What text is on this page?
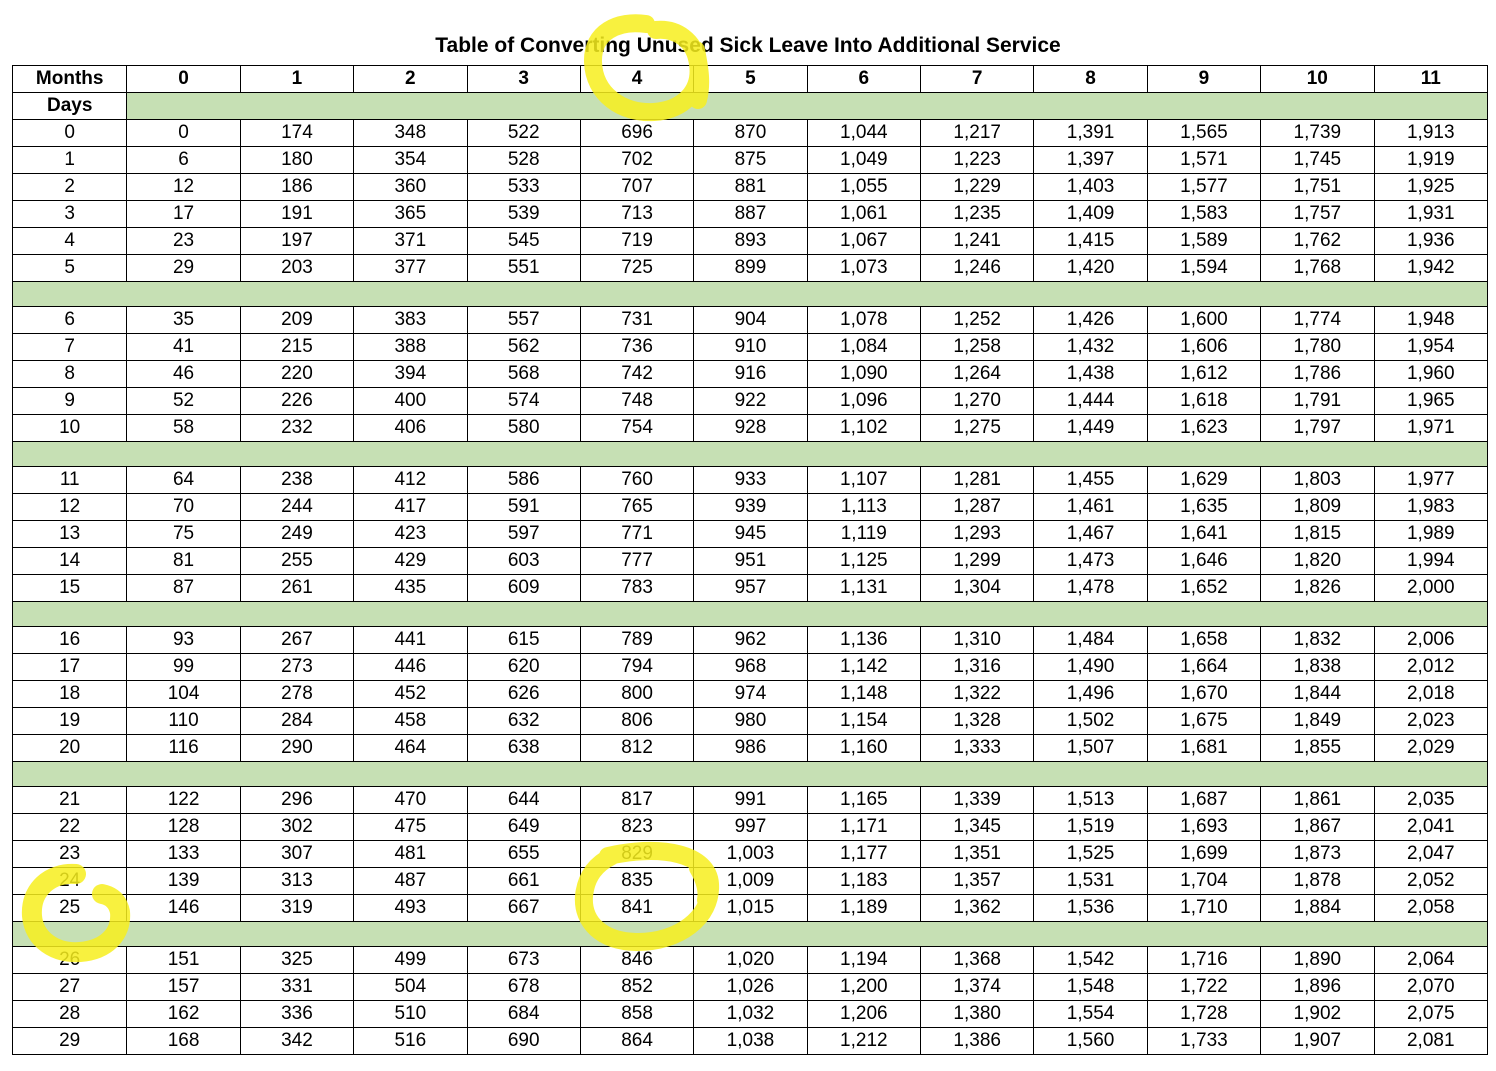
Table of Converting Unused Sick Leave Into Additional Service
Months	0	1	2	3	4	5	6	7	8	9	10	11
Days												
0	0	174	348	522	696	870	1,044	1,217	1,391	1,565	1,739	1,913
1	6	180	354	528	702	875	1,049	1,223	1,397	1,571	1,745	1,919
2	12	186	360	533	707	881	1,055	1,229	1,403	1,577	1,751	1,925
3	17	191	365	539	713	887	1,061	1,235	1,409	1,583	1,757	1,931
4	23	197	371	545	719	893	1,067	1,241	1,415	1,589	1,762	1,936
5	29	203	377	551	725	899	1,073	1,246	1,420	1,594	1,768	1,942

6	35	209	383	557	731	904	1,078	1,252	1,426	1,600	1,774	1,948
7	41	215	388	562	736	910	1,084	1,258	1,432	1,606	1,780	1,954
8	46	220	394	568	742	916	1,090	1,264	1,438	1,612	1,786	1,960
9	52	226	400	574	748	922	1,096	1,270	1,444	1,618	1,791	1,965
10	58	232	406	580	754	928	1,102	1,275	1,449	1,623	1,797	1,971

11	64	238	412	586	760	933	1,107	1,281	1,455	1,629	1,803	1,977
12	70	244	417	591	765	939	1,113	1,287	1,461	1,635	1,809	1,983
13	75	249	423	597	771	945	1,119	1,293	1,467	1,641	1,815	1,989
14	81	255	429	603	777	951	1,125	1,299	1,473	1,646	1,820	1,994
15	87	261	435	609	783	957	1,131	1,304	1,478	1,652	1,826	2,000

16	93	267	441	615	789	962	1,136	1,310	1,484	1,658	1,832	2,006
17	99	273	446	620	794	968	1,142	1,316	1,490	1,664	1,838	2,012
18	104	278	452	626	800	974	1,148	1,322	1,496	1,670	1,844	2,018
19	110	284	458	632	806	980	1,154	1,328	1,502	1,675	1,849	2,023
20	116	290	464	638	812	986	1,160	1,333	1,507	1,681	1,855	2,029

21	122	296	470	644	817	991	1,165	1,339	1,513	1,687	1,861	2,035
22	128	302	475	649	823	997	1,171	1,345	1,519	1,693	1,867	2,041
23	133	307	481	655	829	1,003	1,177	1,351	1,525	1,699	1,873	2,047
24	139	313	487	661	835	1,009	1,183	1,357	1,531	1,704	1,878	2,052
25	146	319	493	667	841	1,015	1,189	1,362	1,536	1,710	1,884	2,058

26	151	325	499	673	846	1,020	1,194	1,368	1,542	1,716	1,890	2,064
27	157	331	504	678	852	1,026	1,200	1,374	1,548	1,722	1,896	2,070
28	162	336	510	684	858	1,032	1,206	1,380	1,554	1,728	1,902	2,075
29	168	342	516	690	864	1,038	1,212	1,386	1,560	1,733	1,907	2,081
